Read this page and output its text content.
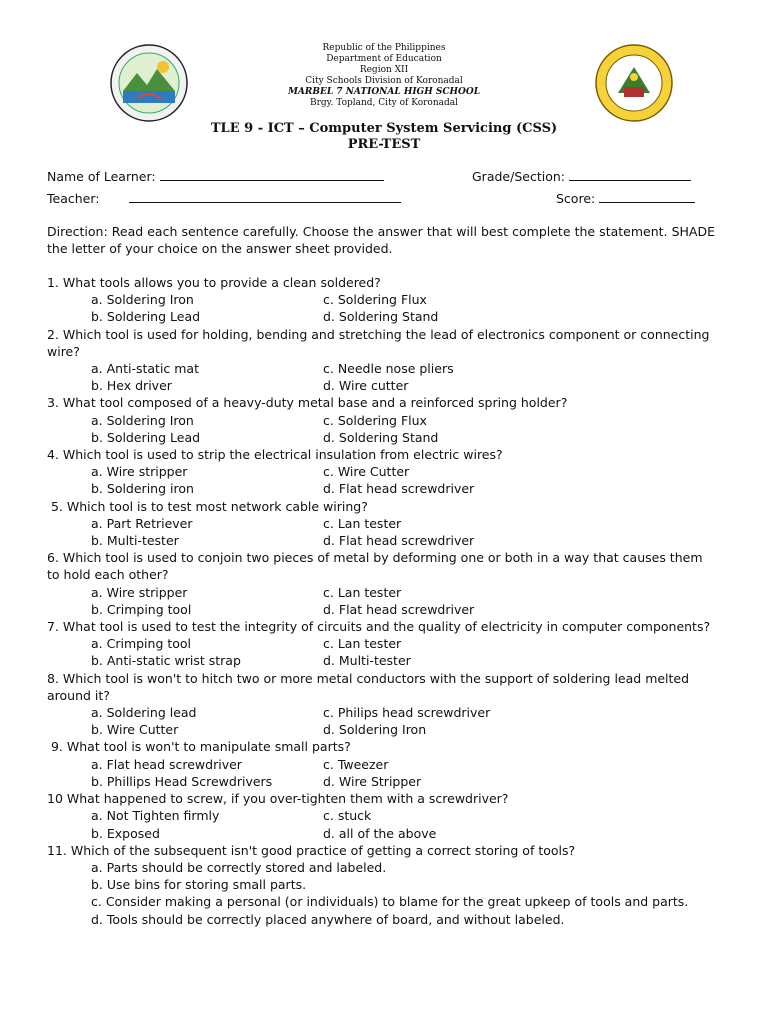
Republic of the Philippines
Department of Education
Region XII
City Schools Division of Koronadal
MARBEL 7 NATIONAL HIGH SCHOOL
Brgy. Topland, City of Koronadal
TLE 9 - ICT – Computer System Servicing (CSS)
PRE-TEST
Name of Learner:	Grade/Section:
Teacher:	Score:
Direction: Read each sentence carefully. Choose the answer that will best complete the statement. SHADE the letter of your choice on the answer sheet provided.

1. What tools allows you to provide a clean soldered?

a. Soldering Iron	c. Soldering Flux
b. Soldering Lead	d. Soldering Stand

2. Which tool is used for holding, bending and stretching the lead of electronics component or connecting wire?

a. Anti-static mat	c. Needle nose pliers
b. Hex driver	d. Wire cutter

3. What tool composed of a heavy-duty metal base and a reinforced spring holder?

a. Soldering Iron	c. Soldering Flux
b. Soldering Lead	d. Soldering Stand

4. Which tool is used to strip the electrical insulation from electric wires?

a. Wire stripper	c. Wire Cutter
b. Soldering iron	d. Flat head screwdriver

5. Which tool is to test most network cable wiring?

a. Part Retriever	c. Lan tester
b. Multi-tester	d. Flat head screwdriver

6. Which tool is used to conjoin two pieces of metal by deforming one or both in a way that causes them to hold each other?

a. Wire stripper	c. Lan tester
b. Crimping tool	d. Flat head screwdriver

7. What tool is used to test the integrity of circuits and the quality of electricity in computer components?

a. Crimping tool	c. Lan tester
b. Anti-static wrist strap	d. Multi-tester

8. Which tool is won't to hitch two or more metal conductors with the support of soldering lead melted around it?

a. Soldering lead	c. Philips head screwdriver
b. Wire Cutter	d. Soldering Iron

9. What tool is won't to manipulate small parts?

a. Flat head screwdriver	c. Tweezer
b. Phillips Head Screwdrivers	d. Wire Stripper

10 What happened to screw, if you over-tighten them with a screwdriver?

a. Not Tighten firmly	c. stuck
b. Exposed	d. all of the above

11. Which of the subsequent isn't good practice of getting a correct storing of tools?

a. Parts should be correctly stored and labeled.

b. Use bins for storing small parts.

c. Consider making a personal (or individuals) to blame for the great upkeep of tools and parts.

d. Tools should be correctly placed anywhere of board, and without labeled.
